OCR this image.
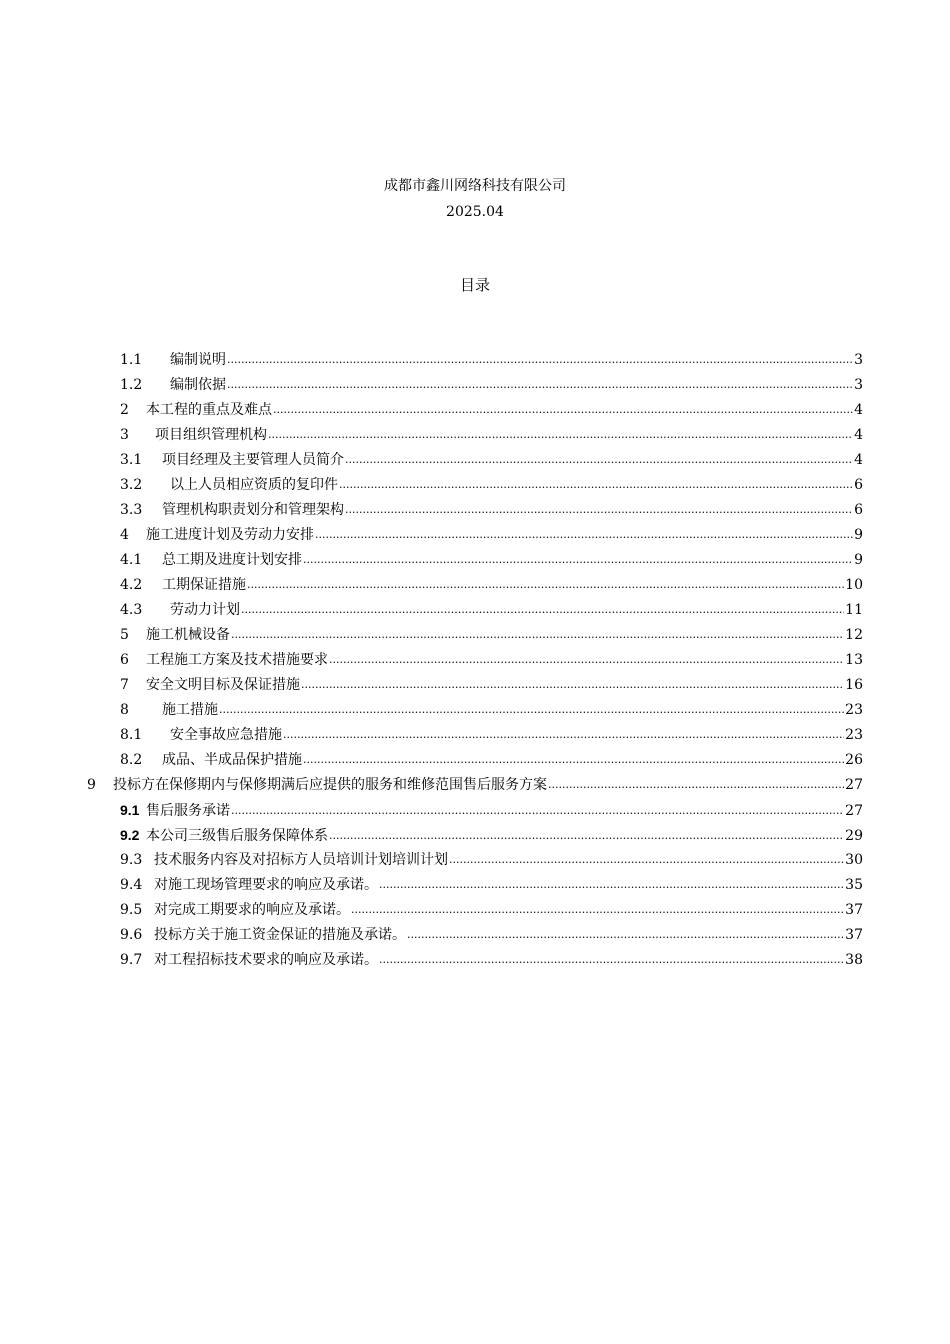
成都市鑫川网络科技有限公司
2025.04
目录
1.1	编制说明 .....	3
1.2	编制依据 .....	3
2	本工程的重点及难点 .....	4
3	项目组织管理机构 .....	4
3.1	项目经理及主要管理人员简介 .....	4
3.2	以上人员相应资质的复印件 .....	6
3.3	管理机构职责划分和管理架构 .....	6
4	施工进度计划及劳动力安排 .....	9
4.1	总工期及进度计划安排 .....	9
4.2	工期保证措施 .....	10
4.3	劳动力计划 .....	11
5	施工机械设备 .....	12
6	工程施工方案及技术措施要求 .....	13
7	安全文明目标及保证措施 .....	16
8	施工措施 .....	23
8.1	安全事故应急措施 .....	23
8.2	成品、半成品保护措施 .....	26
9	投标方在保修期内与保修期满后应提供的服务和维修范围售后服务方案 .....	27
9.1 售后服务承诺 .....	27
9.2 本公司三级售后服务保障体系 .....	29
9.3 技术服务内容及对招标方人员培训计划培训计划 .....	30
9.4 对施工现场管理要求的响应及承诺。 .....	35
9.5 对完成工期要求的响应及承诺。 .....	37
9.6 投标方关于施工资金保证的措施及承诺。 .....	37
9.7 对工程招标技术要求的响应及承诺。 .....	38
